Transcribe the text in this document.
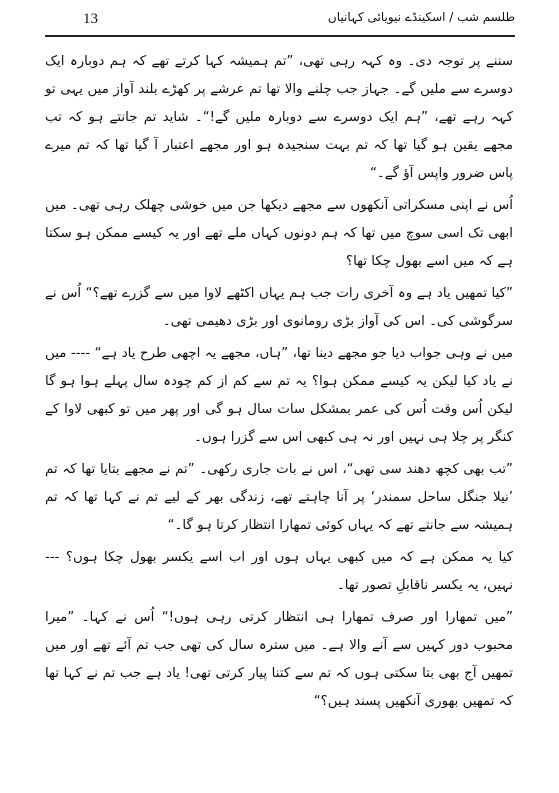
13	طلسم شب / اسکینڈے نیویائی کہانیاں

سننے پر توجہ دی۔ وہ کہہ رہی تھی، ”تم ہمیشہ کہا کرتے تھے کہ ہم دوبارہ ایک دوسرے سے ملیں گے۔ جہاز جب چلنے والا تھا تم عرشے پر کھڑے بلند آواز میں یہی تو کہہ رہے تھے، ”ہم ایک دوسرے سے دوبارہ ملیں گے!“۔ شاید تم جانتے ہو کہ تب مجھے یقین ہو گیا تھا کہ تم بہت سنجیدہ ہو اور مجھے اعتبار آ گیا تھا کہ تم میرے پاس ضرور واپس آؤ گے۔“

اُس نے اپنی مسکراتی آنکھوں سے مجھے دیکھا جن میں خوشی چھلک رہی تھی۔ میں ابھی تک اسی سوچ میں تھا کہ ہم دونوں کہاں ملے تھے اور یہ کیسے ممکن ہو سکتا ہے کہ میں اسے بھول چکا تھا؟

”کیا تمھیں یاد ہے وہ آخری رات جب ہم یہاں اکٹھے لاوا میں سے گزرے تھے؟“ اُس نے سرگوشی کی۔ اس کی آواز بڑی رومانوی اور بڑی دھیمی تھی۔

میں نے وہی جواب دیا جو مجھے دینا تھا، ”ہاں، مجھے یہ اچھی طرح یاد ہے“ ---- میں نے یاد کیا لیکن یہ کیسے ممکن ہوا؟ یہ تم سے کم از کم چودہ سال پہلے ہوا ہو گا لیکن اُس وقت اُس کی عمر بمشکل سات سال ہو گی اور پھر میں تو کبھی لاوا کے کنگر پر چلا ہی نہیں اور نہ ہی کبھی اس سے گزرا ہوں۔

”تب بھی کچھ دھند سی تھی“، اس نے بات جاری رکھی۔ ”تم نے مجھے بتایا تھا کہ تم ’نیلا جنگل ساحل سمندر‘ پر آنا چاہتے تھے، زندگی بھر کے لیے تم نے کہا تھا کہ تم ہمیشہ سے جانتے تھے کہ یہاں کوئی تمھارا انتظار کرتا ہو گا۔“

کیا یہ ممکن ہے کہ میں کبھی یہاں ہوں اور اب اسے یکسر بھول چکا ہوں؟ --- نہیں، یہ یکسر ناقابلِ تصور تھا۔

”میں تمھارا اور صرف تمھارا ہی انتظار کرتی رہی ہوں!“ اُس نے کہا۔ ”میرا محبوب دور کہیں سے آنے والا ہے۔ میں سترہ سال کی تھی جب تم آئے تھے اور میں تمھیں آج بھی بتا سکتی ہوں کہ تم سے کتنا پیار کرتی تھی! یاد ہے جب تم نے کہا تھا کہ تمھیں بھوری آنکھیں پسند ہیں؟“
